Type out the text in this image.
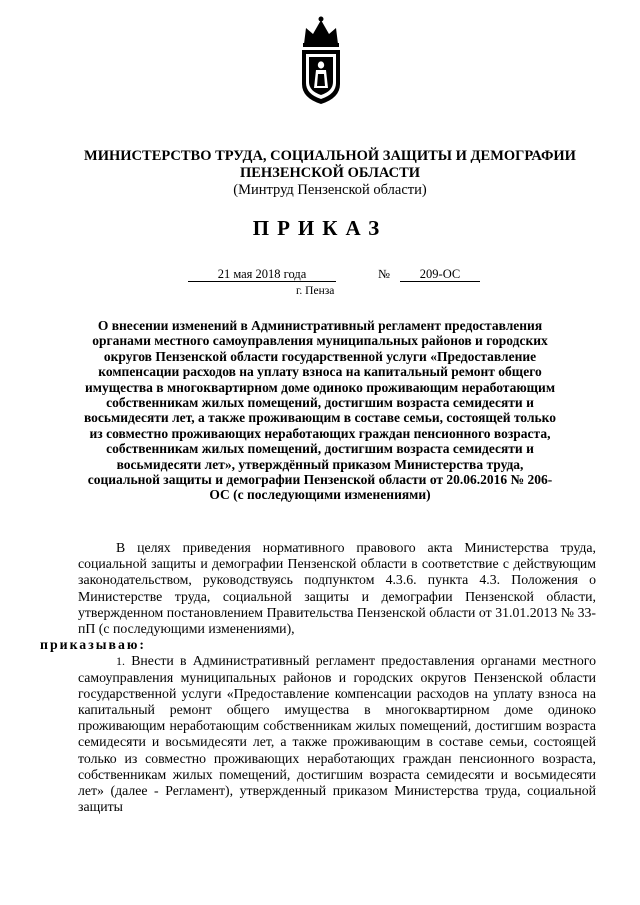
МИНИСТЕРСТВО ТРУДА, СОЦИАЛЬНОЙ ЗАЩИТЫ И ДЕМОГРАФИИ ПЕНЗЕНСКОЙ ОБЛАСТИ
(Минтруд Пензенской области)
ПРИКАЗ
21 мая 2018 года	№	209-ОС
г. Пенза
О внесении изменений в Административный регламент предоставления органами местного самоуправления муниципальных районов и городских округов Пензенской области государственной услуги «Предоставление компенсации расходов на уплату взноса на капитальный ремонт общего имущества в многоквартирном доме одиноко проживающим неработающим собственникам жилых помещений, достигшим возраста семидесяти и восьмидесяти лет, а также проживающим в составе семьи, состоящей только из совместно проживающих неработающих граждан пенсионного возраста, собственникам жилых помещений, достигшим возраста семидесяти и восьмидесяти лет», утверждённый приказом Министерства труда, социальной защиты и демографии Пензенской области от 20.06.2016 № 206-ОС (с последующими изменениями)

В целях приведения нормативного правового акта Министерства труда, социальной защиты и демографии Пензенской области в соответствие с действующим законодательством, руководствуясь подпунктом 4.3.6. пункта 4.3. Положения о Министерстве труда, социальной защиты и демографии Пензенской области, утвержденном постановлением Правительства Пензенской области от 31.01.2013 № 33-пП (с последующими изменениями),
приказываю:

1. Внести в Административный регламент предоставления органами местного самоуправления муниципальных районов и городских округов Пензенской области государственной услуги «Предоставление компенсации расходов на уплату взноса на капитальный ремонт общего имущества в многоквартирном доме одиноко проживающим неработающим собственникам жилых помещений, достигшим возраста семидесяти и восьмидесяти лет, а также проживающим в составе семьи, состоящей только из совместно проживающих неработающих граждан пенсионного возраста, собственникам жилых помещений, достигшим возраста семидесяти и восьмидесяти лет» (далее - Регламент), утвержденный приказом Министерства труда, социальной защиты
